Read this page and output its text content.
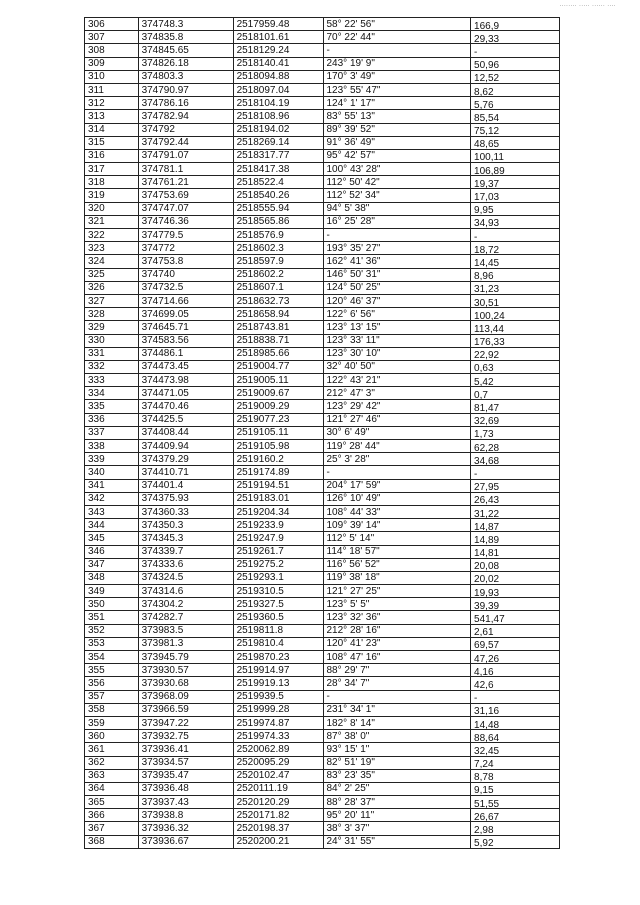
........ ..... ...... ....
306	374748.3	2517959.48	58° 22' 56"	166,9
307	374835.8	2518101.61	70° 22' 44"	29,33
308	374845.65	2518129.24	-	-
309	374826.18	2518140.41	243° 19' 9"	50,96
310	374803.3	2518094.88	170° 3' 49"	12,52
311	374790.97	2518097.04	123° 55' 47"	8,62
312	374786.16	2518104.19	124° 1' 17"	5,76
313	374782.94	2518108.96	83° 55' 13"	85,54
314	374792	2518194.02	89° 39' 52"	75,12
315	374792.44	2518269.14	91° 36' 49"	48,65
316	374791.07	2518317.77	95° 42' 57"	100,11
317	374781.1	2518417.38	100° 43' 28"	106,89
318	374761.21	2518522.4	112° 50' 42"	19,37
319	374753.69	2518540.26	112° 52' 34"	17,03
320	374747.07	2518555.94	94° 5' 38"	9,95
321	374746.36	2518565.86	16° 25' 28"	34,93
322	374779.5	2518576.9	-	-
323	374772	2518602.3	193° 35' 27"	18,72
324	374753.8	2518597.9	162° 41' 36"	14,45
325	374740	2518602.2	146° 50' 31"	8,96
326	374732.5	2518607.1	124° 50' 25"	31,23
327	374714.66	2518632.73	120° 46' 37"	30,51
328	374699.05	2518658.94	122° 6' 56"	100,24
329	374645.71	2518743.81	123° 13' 15"	113,44
330	374583.56	2518838.71	123° 33' 11"	176,33
331	374486.1	2518985.66	123° 30' 10"	22,92
332	374473.45	2519004.77	32° 40' 50"	0,63
333	374473.98	2519005.11	122° 43' 21"	5,42
334	374471.05	2519009.67	212° 47' 3"	0,7
335	374470.46	2519009.29	123° 29' 42"	81,47
336	374425.5	2519077.23	121° 27' 46"	32,69
337	374408.44	2519105.11	30° 6' 49"	1,73
338	374409.94	2519105.98	119° 28' 44"	62,28
339	374379.29	2519160.2	25° 3' 28"	34,68
340	374410.71	2519174.89	-	-
341	374401.4	2519194.51	204° 17' 59"	27,95
342	374375.93	2519183.01	126° 10' 49"	26,43
343	374360.33	2519204.34	108° 44' 33"	31,22
344	374350.3	2519233.9	109° 39' 14"	14,87
345	374345.3	2519247.9	112° 5' 14"	14,89
346	374339.7	2519261.7	114° 18' 57"	14,81
347	374333.6	2519275.2	116° 56' 52"	20,08
348	374324.5	2519293.1	119° 38' 18"	20,02
349	374314.6	2519310.5	121° 27' 25"	19,93
350	374304.2	2519327.5	123° 5' 5"	39,39
351	374282.7	2519360.5	123° 32' 36"	541,47
352	373983.5	2519811.8	212° 28' 16"	2,61
353	373981.3	2519810.4	120° 41' 23"	69,57
354	373945.79	2519870.23	108° 47' 16"	47,26
355	373930.57	2519914.97	88° 29' 7"	4,16
356	373930.68	2519919.13	28° 34' 7"	42,6
357	373968.09	2519939.5	-	-
358	373966.59	2519999.28	231° 34' 1"	31,16
359	373947.22	2519974.87	182° 8' 14"	14,48
360	373932.75	2519974.33	87° 38' 0"	88,64
361	373936.41	2520062.89	93° 15' 1"	32,45
362	373934.57	2520095.29	82° 51' 19"	7,24
363	373935.47	2520102.47	83° 23' 35"	8,78
364	373936.48	2520111.19	84° 2' 25"	9,15
365	373937.43	2520120.29	88° 28' 37"	51,55
366	373938.8	2520171.82	95° 20' 11"	26,67
367	373936.32	2520198.37	38° 3' 37"	2,98
368	373936.67	2520200.21	24° 31' 55"	5,92
